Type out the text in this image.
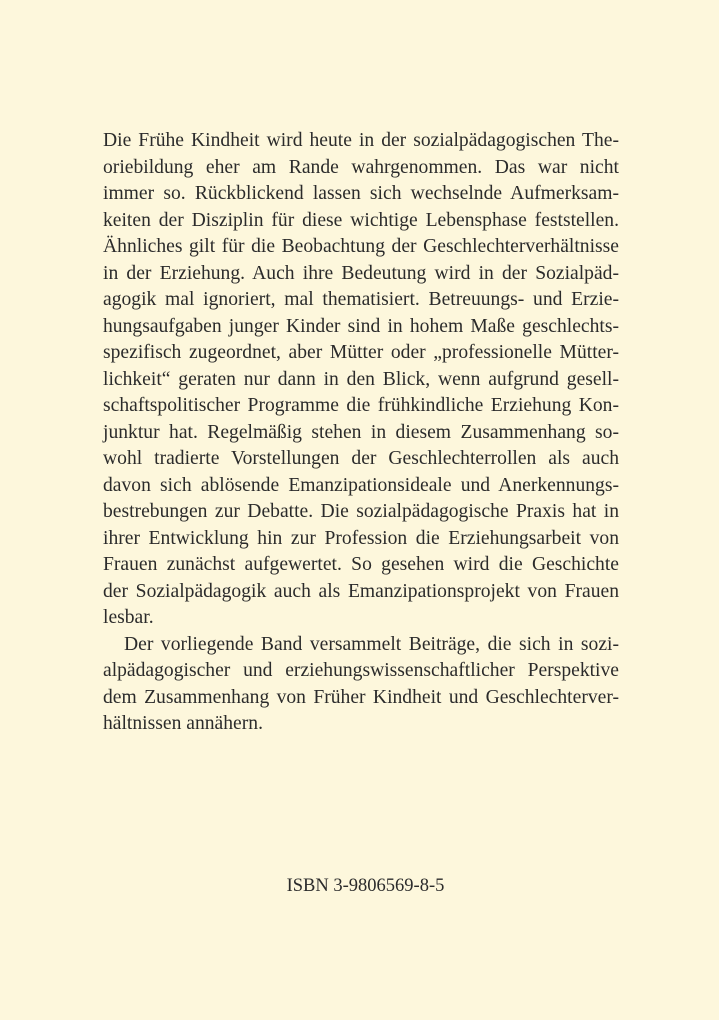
Die Frühe Kindheit wird heute in der sozialpädagogischen The-
oriebildung eher am Rande wahrgenommen. Das war nicht
immer so. Rückblickend lassen sich wechselnde Aufmerksam-
keiten der Disziplin für diese wichtige Lebensphase feststellen.
Ähnliches gilt für die Beobachtung der Geschlechterverhältnisse
in der Erziehung. Auch ihre Bedeutung wird in der Sozialpäd-
agogik mal ignoriert, mal thematisiert. Betreuungs- und Erzie-
hungsaufgaben junger Kinder sind in hohem Maße geschlechts-
spezifisch zugeordnet, aber Mütter oder „professionelle Mütter-
lichkeit“ geraten nur dann in den Blick, wenn aufgrund gesell-
schaftspolitischer Programme die frühkindliche Erziehung Kon-
junktur hat. Regelmäßig stehen in diesem Zusammenhang so-
wohl tradierte Vorstellungen der Geschlechterrollen als auch
davon sich ablösende Emanzipationsideale und Anerkennungs-
bestrebungen zur Debatte. Die sozialpädagogische Praxis hat in
ihrer Entwicklung hin zur Profession die Erziehungsarbeit von
Frauen zunächst aufgewertet. So gesehen wird die Geschichte
der Sozialpädagogik auch als Emanzipationsprojekt von Frauen
lesbar.
Der vorliegende Band versammelt Beiträge, die sich in sozi-
alpädagogischer und erziehungswissenschaftlicher Perspektive
dem Zusammenhang von Früher Kindheit und Geschlechterver-
hältnissen annähern.
ISBN 3-9806569-8-5
